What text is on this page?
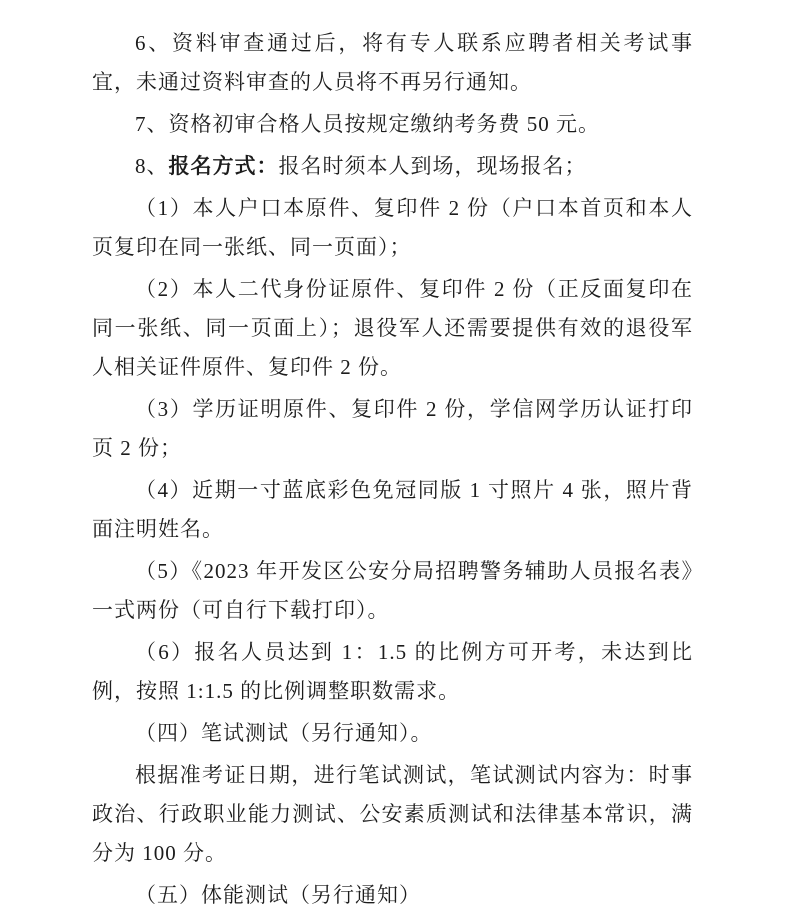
6、资料审查通过后，将有专人联系应聘者相关考试事宜，未通过资料审查的人员将不再另行通知。

7、资格初审合格人员按规定缴纳考务费 50 元。

8、报名方式：报名时须本人到场，现场报名；

（1）本人户口本原件、复印件 2 份（户口本首页和本人页复印在同一张纸、同一页面）；

（2）本人二代身份证原件、复印件 2 份（正反面复印在同一张纸、同一页面上）；退役军人还需要提供有效的退役军人相关证件原件、复印件 2 份。

（3）学历证明原件、复印件 2 份，学信网学历认证打印页 2 份；

（4）近期一寸蓝底彩色免冠同版 1 寸照片 4 张，照片背面注明姓名。

（5）《2023 年开发区公安分局招聘警务辅助人员报名表》一式两份（可自行下载打印）。

（6）报名人员达到 1：1.5 的比例方可开考，未达到比例，按照 1:1.5 的比例调整职数需求。

（四）笔试测试（另行通知）。

根据准考证日期，进行笔试测试，笔试测试内容为：时事政治、行政职业能力测试、公安素质测试和法律基本常识，满分为 100 分。

（五）体能测试（另行通知）
